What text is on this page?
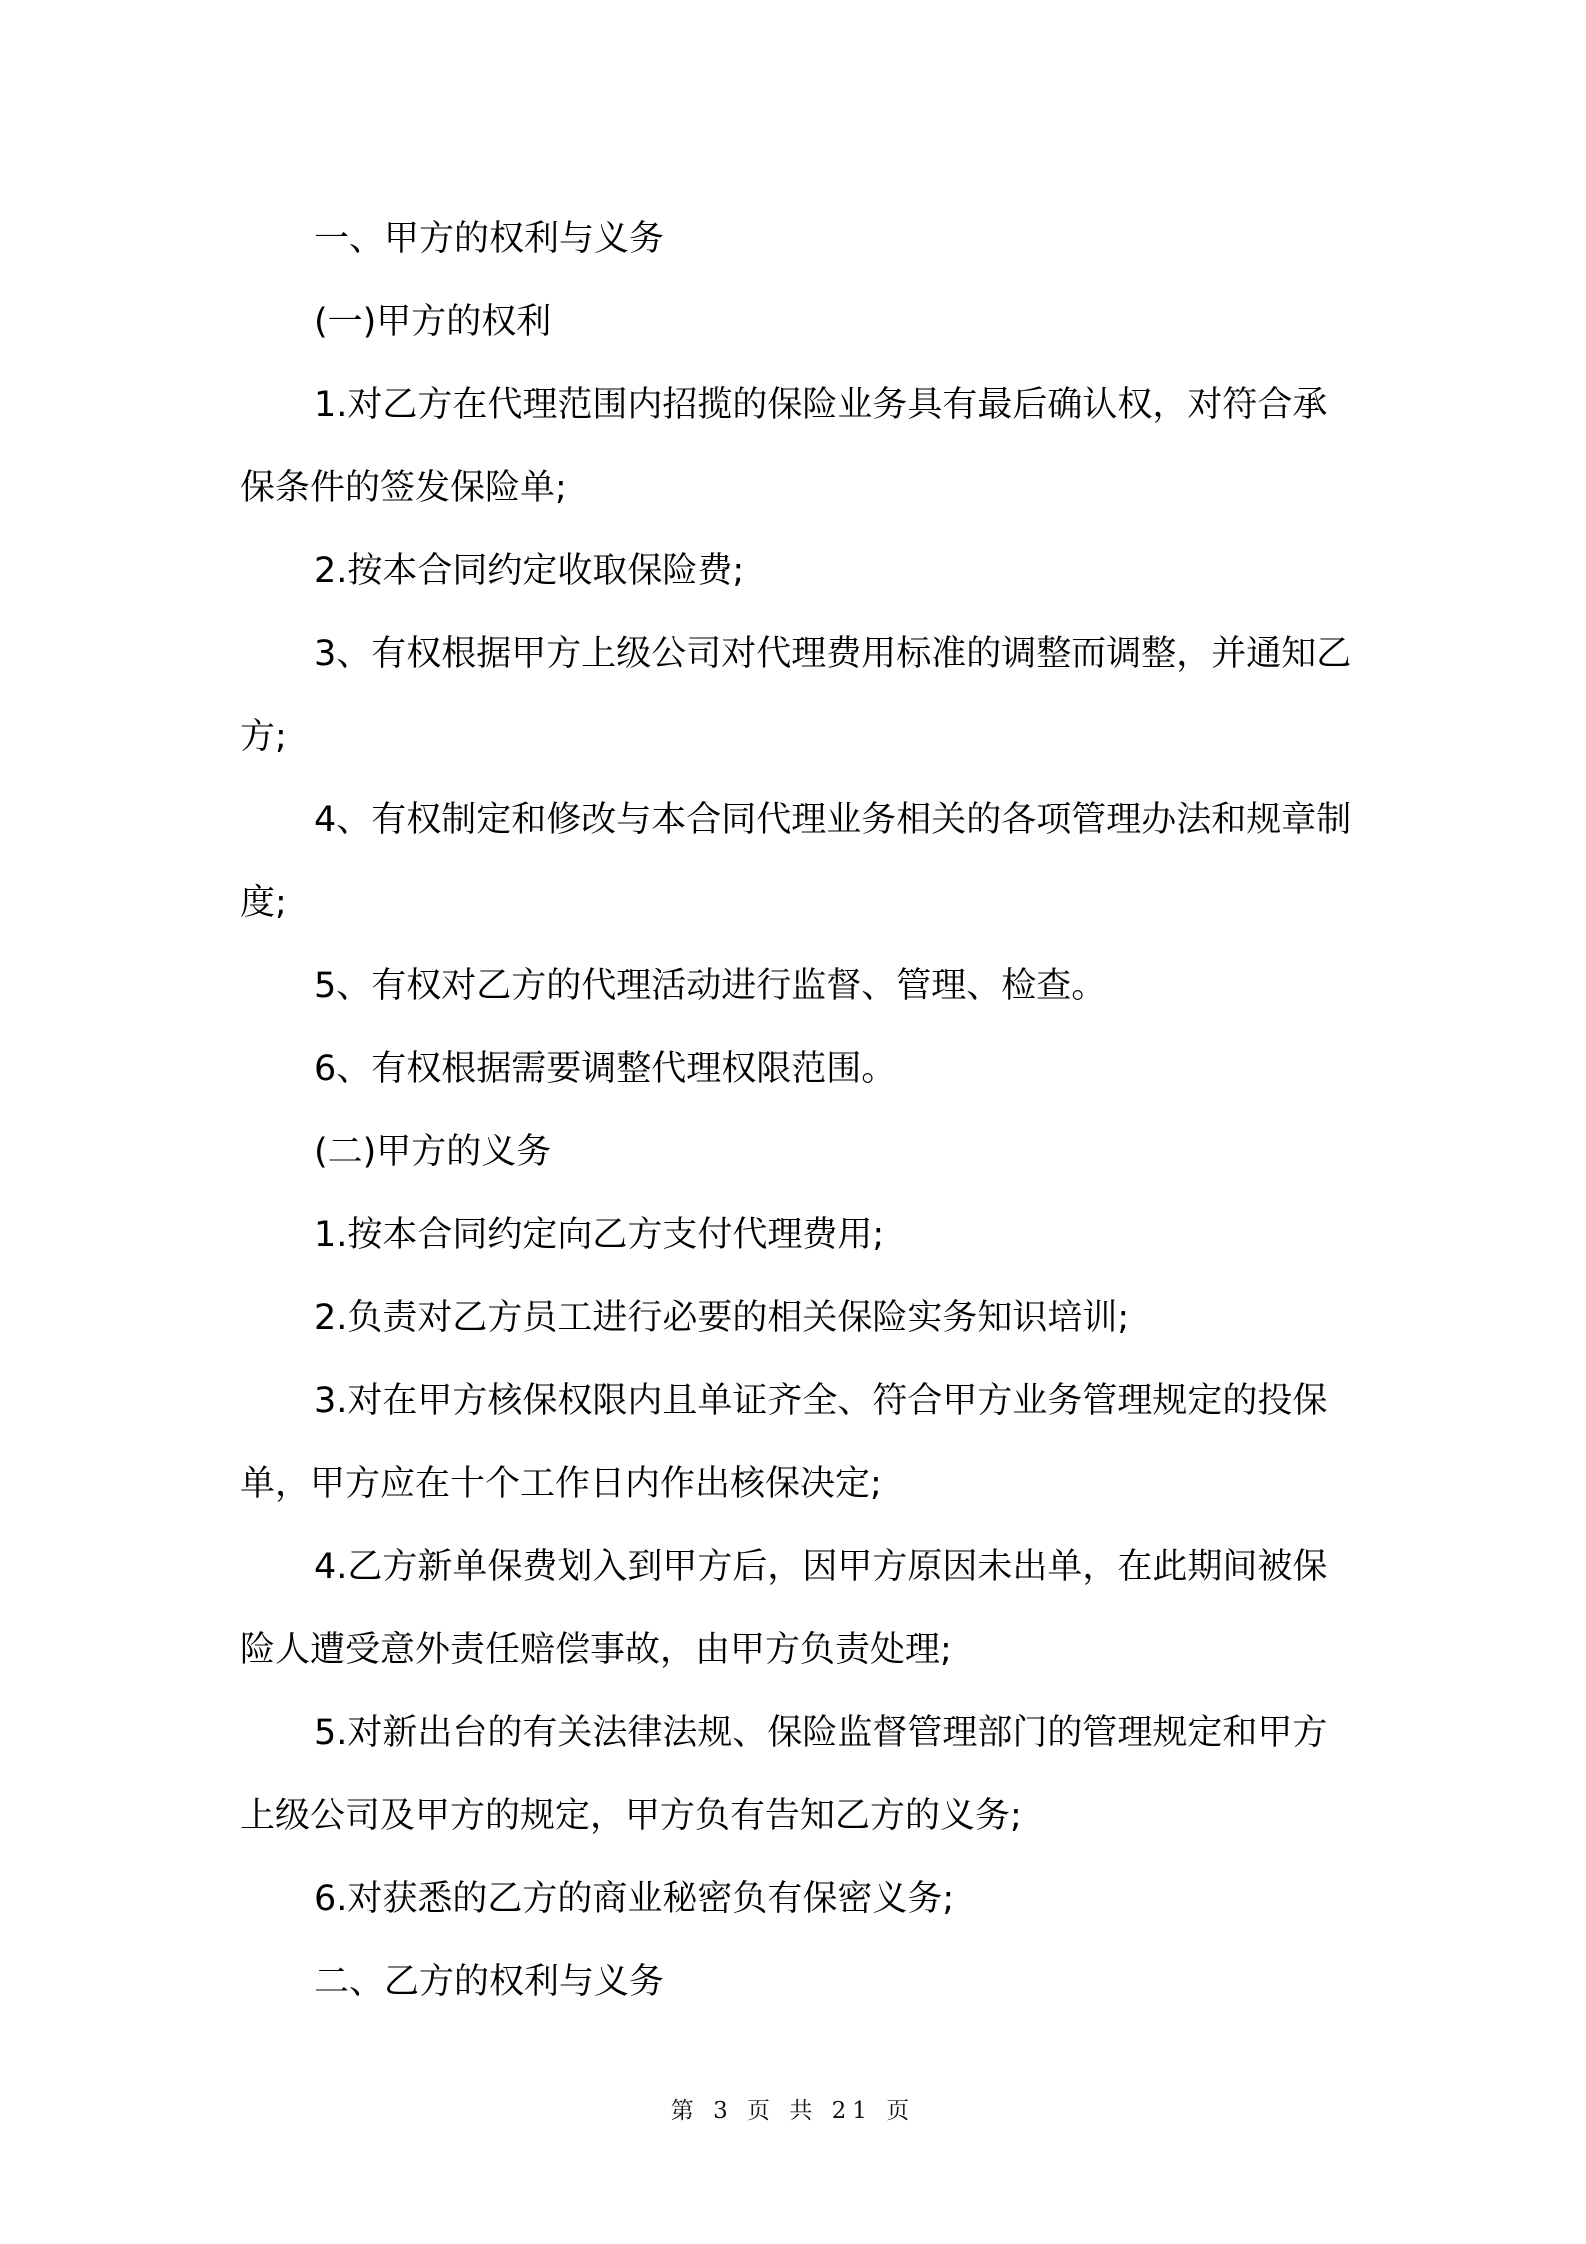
一、甲方的权利与义务

(一)甲方的权利

1.对乙方在代理范围内招揽的保险业务具有最后确认权，对符合承保条件的签发保险单;

2.按本合同约定收取保险费;

3、有权根据甲方上级公司对代理费用标准的调整而调整，并通知乙方;

4、有权制定和修改与本合同代理业务相关的各项管理办法和规章制度;

5、有权对乙方的代理活动进行监督、管理、检查。

6、有权根据需要调整代理权限范围。

(二)甲方的义务

1.按本合同约定向乙方支付代理费用;

2.负责对乙方员工进行必要的相关保险实务知识培训;

3.对在甲方核保权限内且单证齐全、符合甲方业务管理规定的投保单，甲方应在十个工作日内作出核保决定;

4.乙方新单保费划入到甲方后，因甲方原因未出单，在此期间被保险人遭受意外责任赔偿事故，由甲方负责处理;

5.对新出台的有关法律法规、保险监督管理部门的管理规定和甲方上级公司及甲方的规定，甲方负有告知乙方的义务;

6.对获悉的乙方的商业秘密负有保密义务;

二、乙方的权利与义务

第 3 页 共 21 页
